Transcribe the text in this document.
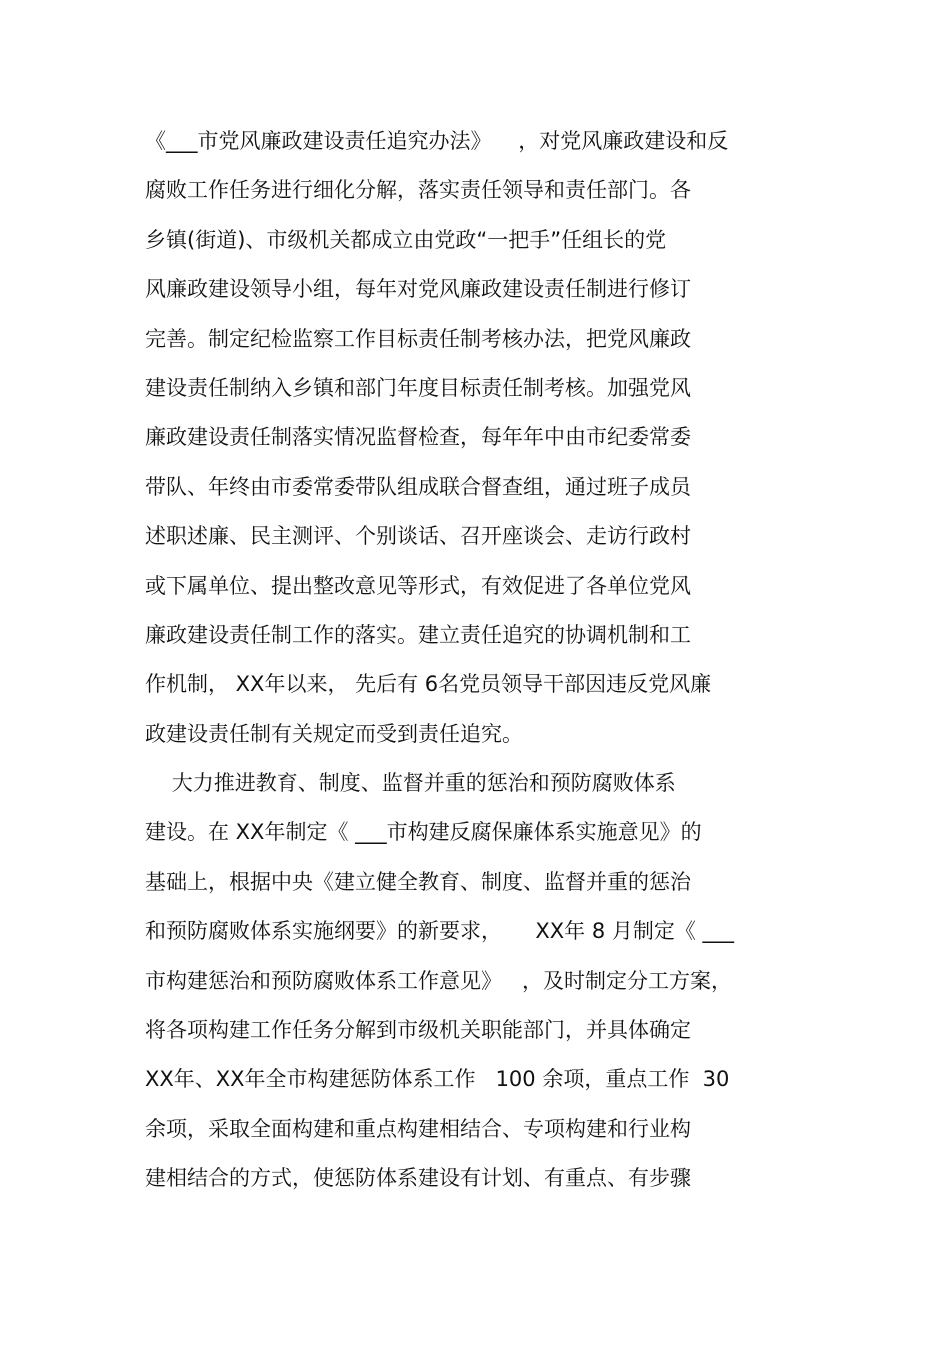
《___市党风廉政建设责任追究办法》    ，对党风廉政建设和反
腐败工作任务进行细化分解，落实责任领导和责任部门。各
乡镇(街道)、市级机关都成立由党政“一把手”任组长的党
风廉政建设领导小组，每年对党风廉政建设责任制进行修订
完善。制定纪检监察工作目标责任制考核办法，把党风廉政
建设责任制纳入乡镇和部门年度目标责任制考核。加强党风
廉政建设责任制落实情况监督检查，每年年中由市纪委常委
带队、年终由市委常委带队组成联合督查组，通过班子成员
述职述廉、民主测评、个别谈话、召开座谈会、走访行政村
或下属单位、提出整改意见等形式，有效促进了各单位党风
廉政建设责任制工作的落实。建立责任追究的协调机制和工
作机制， XX年以来， 先后有 6名党员领导干部因违反党风廉
政建设责任制有关规定而受到责任追究。
大力推进教育、制度、监督并重的惩治和预防腐败体系
建设。在 XX年制定《 ___市构建反腐保廉体系实施意见》的
基础上，根据中央《建立健全教育、制度、监督并重的惩治
和预防腐败体系实施纲要》的新要求，     XX年 8 月制定《 ___
市构建惩治和预防腐败体系工作意见》   ，及时制定分工方案，
将各项构建工作任务分解到市级机关职能部门，并具体确定
XX年、XX年全市构建惩防体系工作   100 余项，重点工作  30
余项，采取全面构建和重点构建相结合、专项构建和行业构
建相结合的方式，使惩防体系建设有计划、有重点、有步骤
